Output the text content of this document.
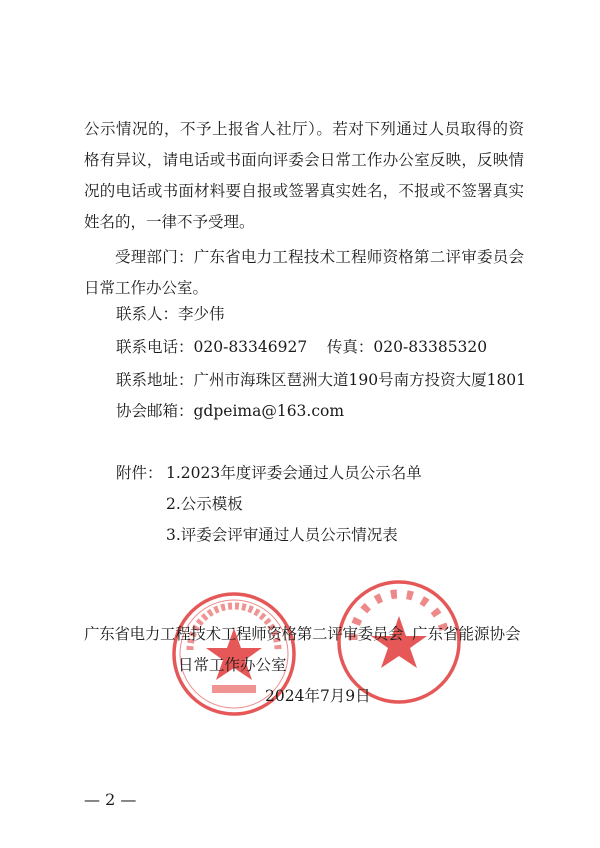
公示情况的，不予上报省人社厅）。若对下列通过人员取得的资格有异议，请电话或书面向评委会日常工作办公室反映，反映情况的电话或书面材料要自报或签署真实姓名，不报或不签署真实姓名的，一律不予受理。

受理部门：广东省电力工程技术工程师资格第二评审委员会日常工作办公室。

联系人：李少伟
联系电话：020-83346927    传真：020-83385320
联系地址：广州市海珠区琶洲大道190号南方投资大厦1801
协会邮箱：gdpeima@163.com
附件： 1.2023年度评委会通过人员公示名单
2.公示模板
3.评委会评审通过人员公示情况表
广东省电力工程技术工程师资格第二评审委员会 广东省能源协会
日常工作办公室
2024年7月9日
— 2 —
